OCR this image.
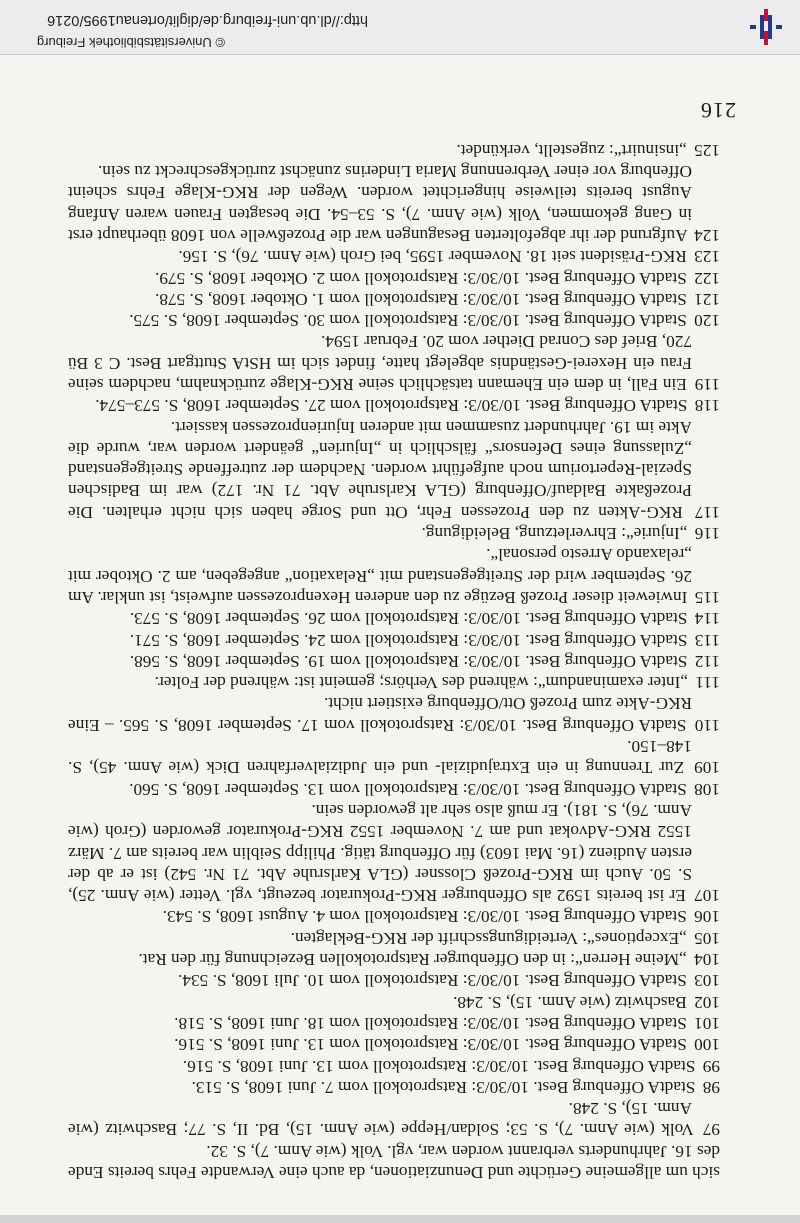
sich um allgemeine Gerüchte und Denunziationen, da auch eine Verwandte Fehrs bereits Ende des 16. Jahrhunderts verbrannt worden war, vgl. Volk (wie Anm. 7), S. 32.

97 Volk (wie Anm. 7), S. 53; Soldan/Heppe (wie Anm. 15), Bd. II, S. 77; Baschwitz (wie Anm. 15), S. 248.

98 StadtA Offenburg Best. 10/30/3: Ratsprotokoll vom 7. Juni 1608, S. 513.

99 StadtA Offenburg Best. 10/30/3: Ratsprotokoll vom 13. Juni 1608, S. 516.

100 StadtA Offenburg Best. 10/30/3: Ratsprotokoll vom 13. Juni 1608, S. 516.

101 StadtA Offenburg Best. 10/30/3: Ratsprotokoll vom 18. Juni 1608, S. 518.

102 Baschwitz (wie Anm. 15), S. 248.

103 StadtA Offenburg Best. 10/30/3: Ratsprotokoll vom 10. Juli 1608, S. 534.

104 „Meine Herren“: in den Offenburger Ratsprotokollen Bezeichnung für den Rat.

105 „Exceptiones“: Verteidigungsschrift der RKG-Beklagten.

106 StadtA Offenburg Best. 10/30/3: Ratsprotokoll vom 4. August 1608, S. 543.

107 Er ist bereits 1592 als Offenburger RKG-Prokurator bezeugt, vgl. Vetter (wie Anm. 25), S. 50. Auch im RKG-Prozeß Clossner (GLA Karlsruhe Abt. 71 Nr. 542) ist er ab der ersten Audienz (16. Mai 1603) für Offenburg tätig. Philipp Seiblin war bereits am 7. März 1552 RKG-Advokat und am 7. November 1552 RKG-Prokurator geworden (Groh (wie Anm. 76), S. 181). Er muß also sehr alt geworden sein.

108 StadtA Offenburg Best. 10/30/3: Ratsprotokoll vom 13. September 1608, S. 560.

109 Zur Trennung in ein Extrajudizial- und ein Judizialverfahren Dick (wie Anm. 45), S. 148–150.

110 StadtA Offenburg Best. 10/30/3: Ratsprotokoll vom 17. September 1608, S. 565. – Eine RKG-Akte zum Prozeß Ott/Offenburg existiert nicht.

111 „Inter examinandum“: während des Verhörs; gemeint ist: während der Folter.

112 StadtA Offenburg Best. 10/30/3: Ratsprotokoll vom 19. September 1608, S. 568.

113 StadtA Offenburg Best. 10/30/3: Ratsprotokoll vom 24. September 1608, S. 571.

114 StadtA Offenburg Best. 10/30/3: Ratsprotokoll vom 26. September 1608, S. 573.

115 Inwieweit dieser Prozeß Bezüge zu den anderen Hexenprozessen aufweist, ist unklar. Am 26. September wird der Streitgegenstand mit „Relaxation“ angegeben, am 2. Oktober mit „relaxando Arresto personal“.

116 „Injurie“: Ehrverletzung, Beleidigung.

117 RKG-Akten zu den Prozessen Fehr, Ott und Sorge haben sich nicht erhalten. Die Prozeßakte Baldauf/Offenburg (GLA Karlsruhe Abt. 71 Nr. 172) war im Badischen Spezial-Repertorium noch aufgeführt worden. Nachdem der zutreffende Streitgegenstand „Zulassung eines Defensors“ fälschlich in „Injurien“ geändert worden war, wurde die Akte im 19. Jahrhundert zusammen mit anderen Injurienprozessen kassiert.

118 StadtA Offenburg Best. 10/30/3: Ratsprotokoll vom 27. September 1608, S. 573–574.

119 Ein Fall, in dem ein Ehemann tatsächlich seine RKG-Klage zurücknahm, nachdem seine Frau ein Hexerei-Geständnis abgelegt hatte, findet sich im HStA Stuttgart Best. C 3 Bü 720, Brief des Conrad Diether vom 20. Februar 1594.

120 StadtA Offenburg Best. 10/30/3: Ratsprotokoll vom 30. September 1608, S. 575.

121 StadtA Offenburg Best. 10/30/3: Ratsprotokoll vom 1. Oktober 1608, S. 578.

122 StadtA Offenburg Best. 10/30/3: Ratsprotokoll vom 2. Oktober 1608, S. 579.

123 RKG-Präsident seit 18. November 1595, bei Groh (wie Anm. 76), S. 156.

124 Aufgrund der ihr abgefolterten Besagungen war die Prozeßwelle von 1608 überhaupt erst in Gang gekommen, Volk (wie Anm. 7), S. 53–54. Die besagten Frauen waren Anfang August bereits teilweise hingerichtet worden. Wegen der RKG-Klage Fehrs scheint Offenburg vor einer Verbrennung Maria Linderins zunächst zurückgeschreckt zu sein.

125 „insinuirt“: zugestellt, verkündet.

216
© Universitätsbibliothek Freiburg
http://dl.ub.uni-freiburg.de/diglit/ortenau1995/0216
